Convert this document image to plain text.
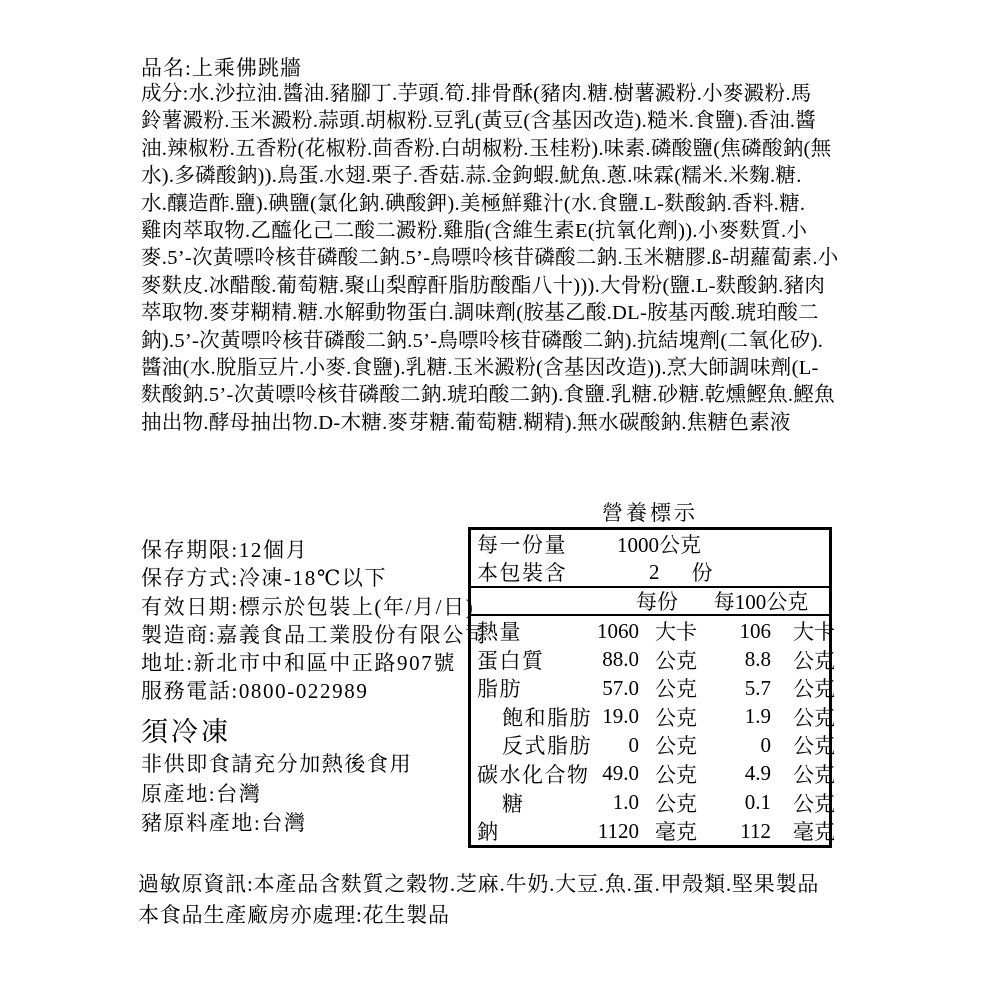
品名:上乘佛跳牆
成分:水.沙拉油.醬油.豬腳丁.芋頭.筍.排骨酥(豬肉.糖.樹薯澱粉.小麥澱粉.馬
鈴薯澱粉.玉米澱粉.蒜頭.胡椒粉.豆乳(黃豆(含基因改造).糙米.食鹽).香油.醬
油.辣椒粉.五香粉(花椒粉.茴香粉.白胡椒粉.玉桂粉).味素.磷酸鹽(焦磷酸鈉(無
水).多磷酸鈉)).鳥蛋.水翅.栗子.香菇.蒜.金鉤蝦.魷魚.蔥.味霖(糯米.米麴.糖.
水.釀造酢.鹽).碘鹽(氯化鈉.碘酸鉀).美極鮮雞汁(水.食鹽.L-麩酸鈉.香料.糖.
雞肉萃取物.乙醯化己二酸二澱粉.雞脂(含維生素E(抗氧化劑)).小麥麩質.小
麥.5’-次黃嘌呤核苷磷酸二鈉.5’-鳥嘌呤核苷磷酸二鈉.玉米糖膠.ß-胡蘿蔔素.小
麥麩皮.冰醋酸.葡萄糖.聚山梨醇酐脂肪酸酯八十))).大骨粉(鹽.L-麩酸鈉.豬肉
萃取物.麥芽糊精.糖.水解動物蛋白.調味劑(胺基乙酸.DL-胺基丙酸.琥珀酸二
鈉).5’-次黃嘌呤核苷磷酸二鈉.5’-鳥嘌呤核苷磷酸二鈉).抗結塊劑(二氧化矽).
醬油(水.脫脂豆片.小麥.食鹽).乳糖.玉米澱粉(含基因改造)).烹大師調味劑(L-
麩酸鈉.5’-次黃嘌呤核苷磷酸二鈉.琥珀酸二鈉).食鹽.乳糖.砂糖.乾燻鰹魚.鰹魚
抽出物.酵母抽出物.D-木糖.麥芽糖.葡萄糖.糊精).無水碳酸鈉.焦糖色素液
保存期限:12個月
保存方式:冷凍-18℃以下
有效日期:標示於包裝上(年/月/日)
製造商:嘉義食品工業股份有限公司
地址:新北市中和區中正路907號
服務電話:0800-022989
須冷凍
非供即食請充分加熱後食用
原產地:台灣
豬原料產地:台灣
營養標示
每一份量	1000公克
本包裝含	2	份
每份	每100公克
熱量	1060 大卡	106	大卡
蛋白質	88.0 公克	8.8	公克
脂肪	57.0 公克	5.7	公克
飽和脂肪 19.0 公克	1.9	公克
反式脂肪	0 公克	0	公克
碳水化合物 49.0 公克	4.9	公克
糖	1.0 公克	0.1	公克
鈉	1120 毫克	112	毫克
過敏原資訊:本產品含麩質之穀物.芝麻.牛奶.大豆.魚.蛋.甲殼類.堅果製品
本食品生產廠房亦處理:花生製品
